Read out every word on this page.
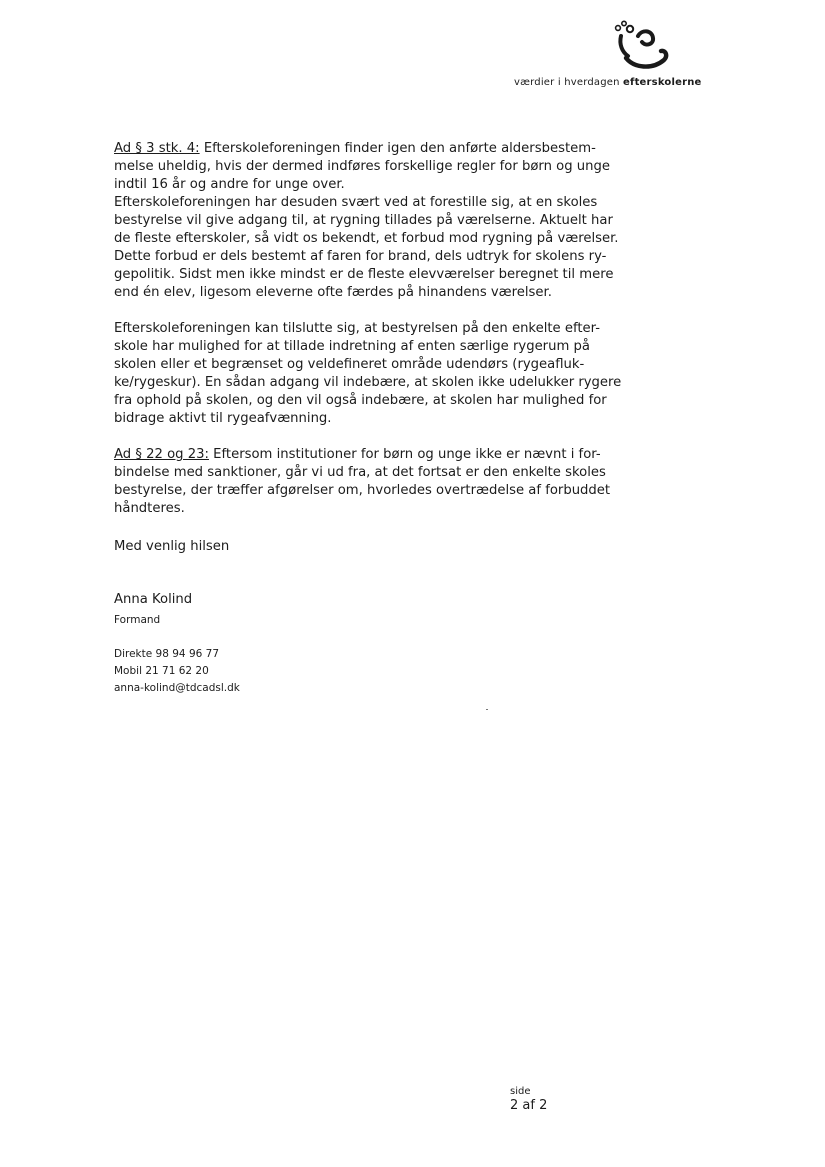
værdier i hverdagen efterskolerne

Ad § 3 stk. 4: Efterskoleforeningen finder igen den anførte aldersbestem-
melse uheldig, hvis der dermed indføres forskellige regler for børn og unge
indtil 16 år og andre for unge over.
Efterskoleforeningen har desuden svært ved at forestille sig, at en skoles
bestyrelse vil give adgang til, at rygning tillades på værelserne. Aktuelt har
de fleste efterskoler, så vidt os bekendt, et forbud mod rygning på værelser.
Dette forbud er dels bestemt af faren for brand, dels udtryk for skolens ry-
gepolitik. Sidst men ikke mindst er de fleste elevværelser beregnet til mere
end én elev, ligesom eleverne ofte færdes på hinandens værelser.

Efterskoleforeningen kan tilslutte sig, at bestyrelsen på den enkelte efter-
skole har mulighed for at tillade indretning af enten særlige rygerum på
skolen eller et begrænset og veldefineret område udendørs (rygeafluk-
ke/rygeskur). En sådan adgang vil indebære, at skolen ikke udelukker rygere
fra ophold på skolen, og den vil også indebære, at skolen har mulighed for
bidrage aktivt til rygeafvænning.

Ad § 22 og 23: Eftersom institutioner for børn og unge ikke er nævnt i for-
bindelse med sanktioner, går vi ud fra, at det fortsat er den enkelte skoles
bestyrelse, der træffer afgørelser om, hvorledes overtrædelse af forbuddet
håndteres.

Med venlig hilsen

Anna Kolind
Formand
Direkte 98 94 96 77
Mobil 21 71 62 20
anna-kolind@tdcadsl.dk
side
2 af 2
